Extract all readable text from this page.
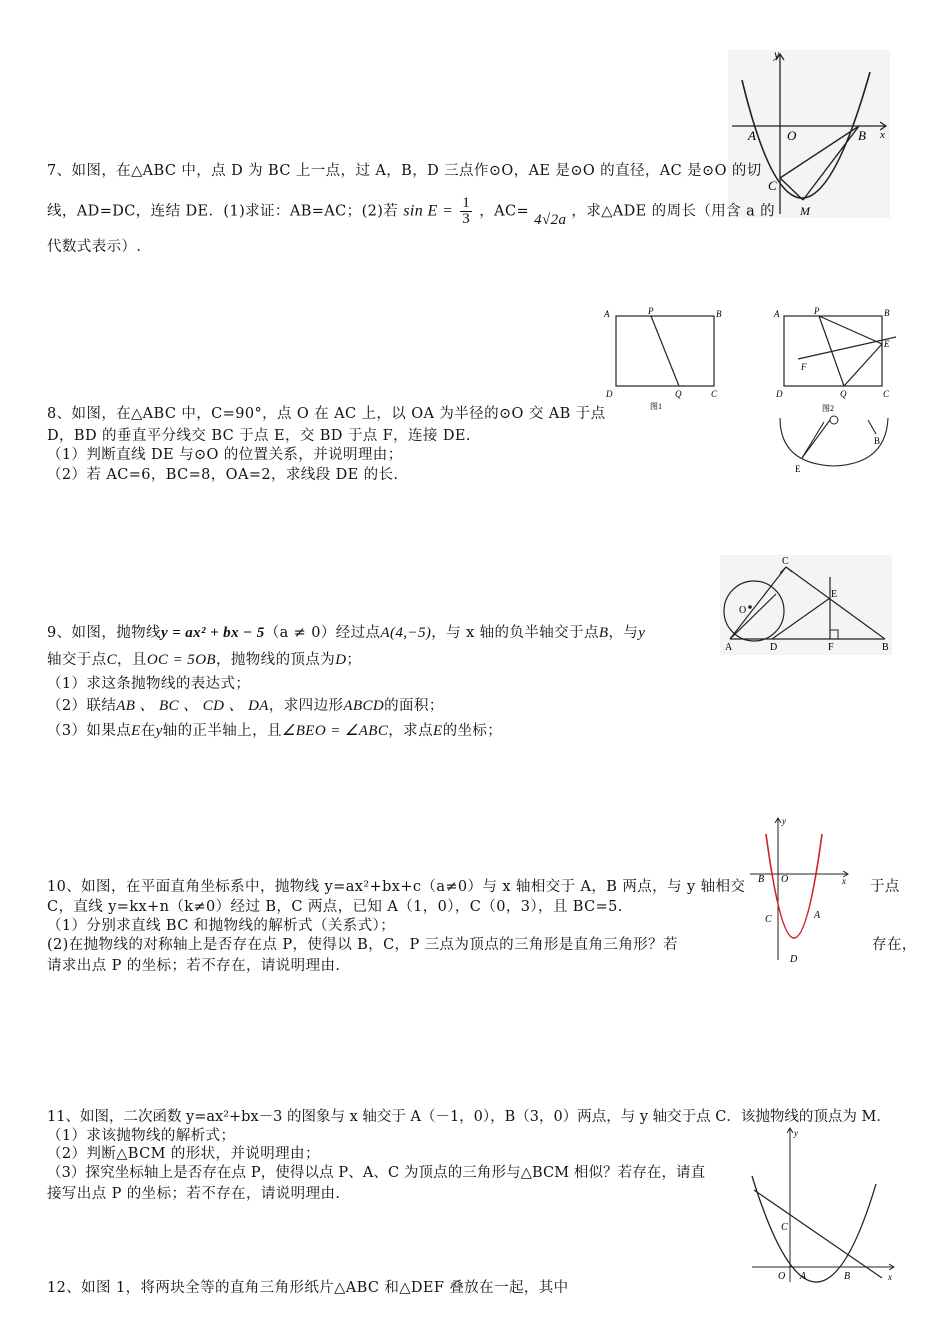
y
A O	B x
C
M
7、如图，在△ABC 中，点 D 为 BC 上一点，过 A，B，D 三点作⊙O，AE 是⊙O 的直径，AC 是⊙O 的切
线，AD=DC，连结 DE．(1)求证：AB=AC；(2)若 $\sin E = \frac{1}{3}$ ，AC= 4√2a ，求△ADE 的周长（用含 a 的
代数式表示）.
A	P	B
D	Q	C
图1
A	P	B
E
F
D	Q	C
图2
E
B
8、如图，在△ABC 中，C=90°，点 O 在 AC 上，以 OA 为半径的⊙O 交 AB 于点
D，BD 的垂直平分线交 BC 于点 E，交 BD 于点 F，连接 DE.
（1）判断直线 DE 与⊙O 的位置关系，并说明理由；
（2）若 AC=6，BC=8，OA=2，求线段 DE 的长.
C
O
E
A	D	F	B
9、如图，抛物线y = ax² + bx − 5（a ≠ 0）经过点A(4,−5)，与 x 轴的负半轴交于点B，与y
轴交于点C，且OC = 5OB，抛物线的顶点为D；
（1）求这条抛物线的表达式；
（2）联结AB 、 BC 、 CD 、 DA，求四边形ABCD的面积；
（3）如果点E在y轴的正半轴上，且∠BEO = ∠ABC，求点E的坐标；
y
B O	x
C	A
D
10、如图，在平面直角坐标系中，抛物线 y=ax²+bx+c（a≠0）与 x 轴相交于 A，B 两点，与 y 轴相交	于点
C，直线 y=kx+n（k≠0）经过 B，C 两点，已知 A（1，0），C（0，3），且 BC=5.
（1）分别求直线 BC 和抛物线的解析式（关系式）；
(2)在抛物线的对称轴上是否存在点 P，使得以 B，C，P 三点为顶点的三角形是直角三角形？若	存在，
请求出点 P 的坐标；若不存在，请说明理由.
11、如图，二次函数 y=ax²+bx－3 的图象与 x 轴交于 A（－1，0），B（3，0）两点，与 y 轴交于点 C．该抛物线的顶点为 M．
（1）求该抛物线的解析式；
（2）判断△BCM 的形状，并说明理由；
（3）探究坐标轴上是否存在点 P，使得以点 P、A、C 为顶点的三角形与△BCM 相似？若存在，请直
接写出点 P 的坐标；若不存在，请说明理由.
y
C
O A	B	x
12、如图 1，将两块全等的直角三角形纸片△ABC 和△DEF 叠放在一起，其中
